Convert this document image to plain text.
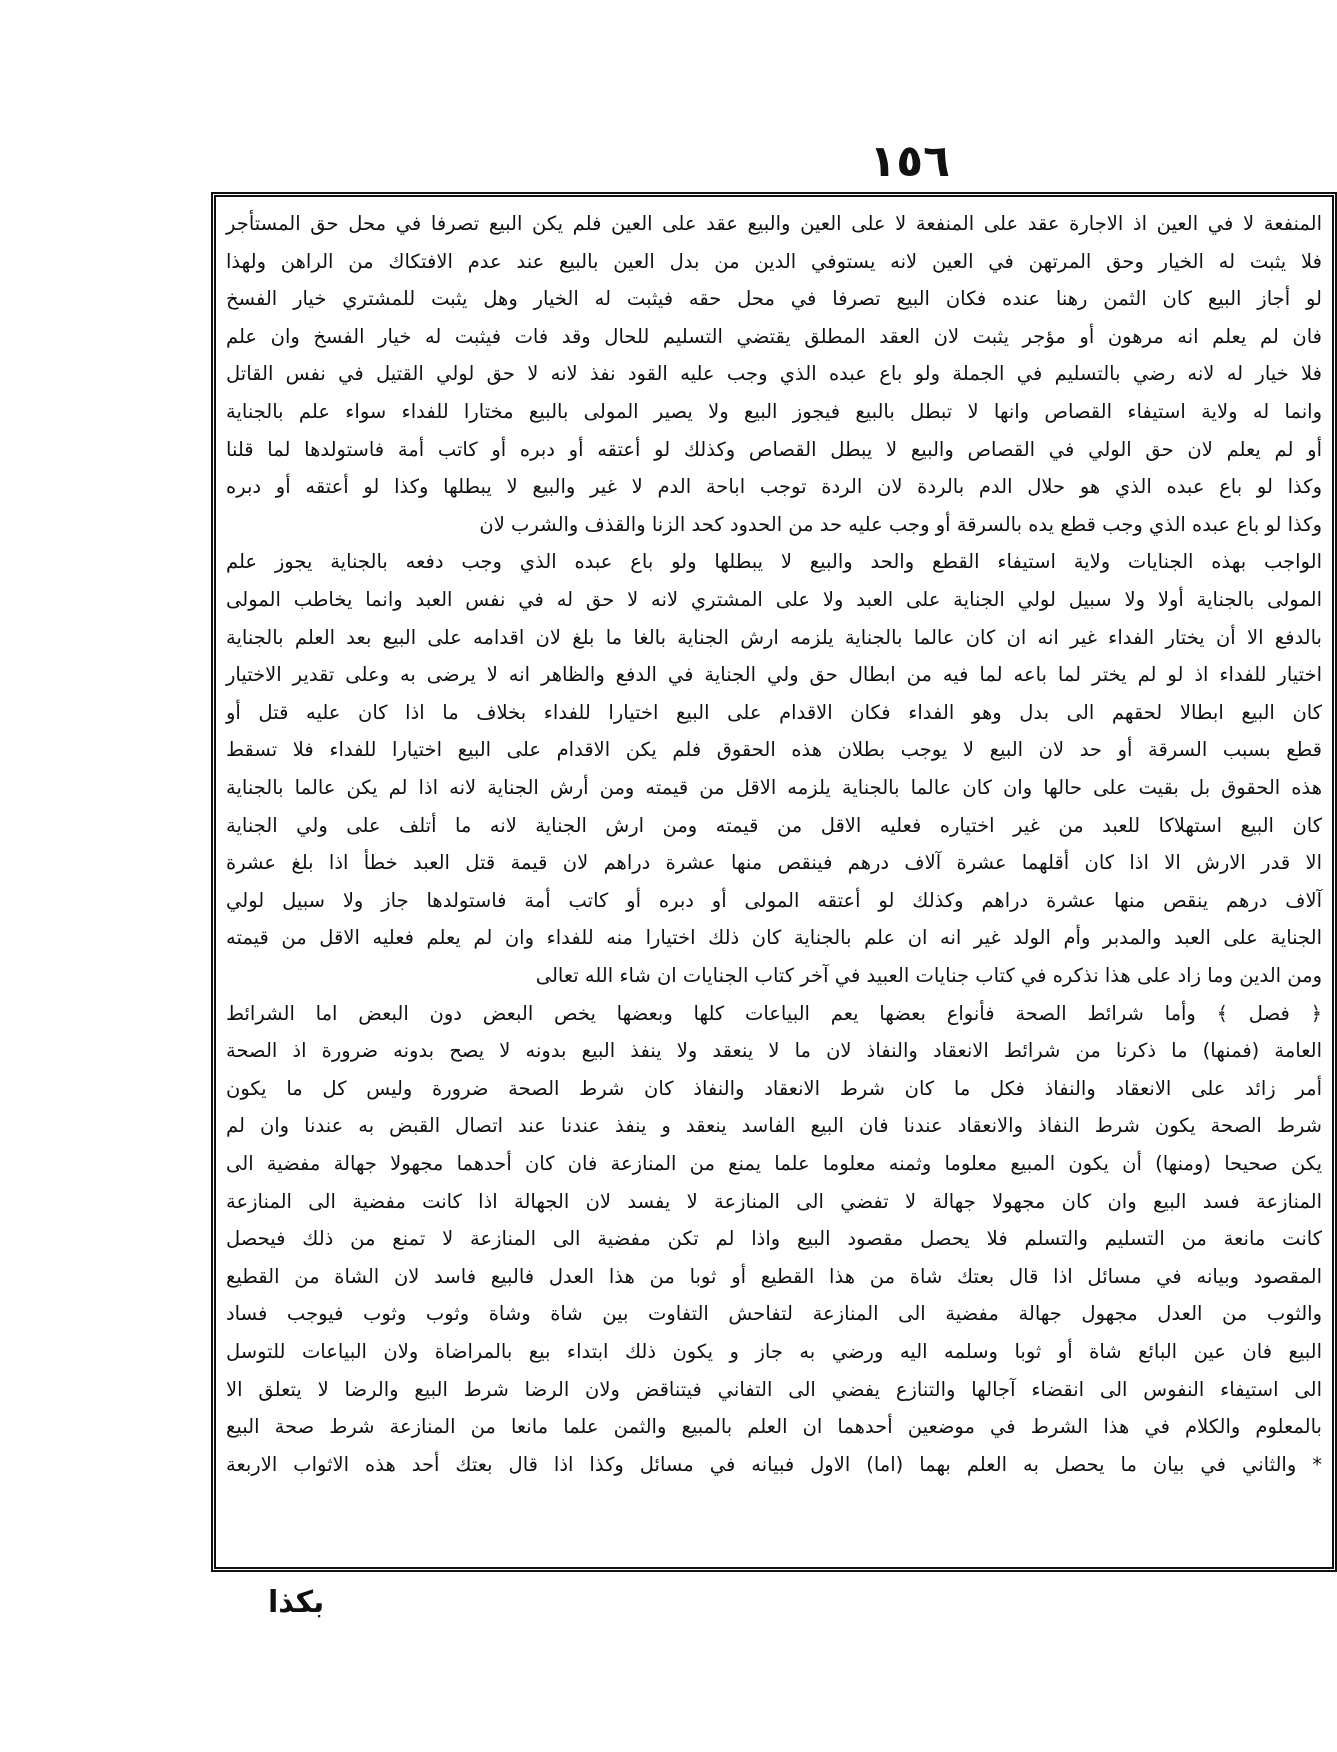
١٥٦
المنفعة لا في العين اذ الاجارة عقد على المنفعة لا على العين والبيع عقد على العين فلم يكن البيع تصرفا في محل حق المستأجر
فلا يثبت له الخيار وحق المرتهن في العين لانه يستوفي الدين من بدل العين بالبيع عند عدم الافتكاك من الراهن ولهذا
لو أجاز البيع كان الثمن رهنا عنده فكان البيع تصرفا في محل حقه فيثبت له الخيار وهل يثبت للمشتري خيار الفسخ
فان لم يعلم انه مرهون أو مؤجر يثبت لان العقد المطلق يقتضي التسليم للحال وقد فات فيثبت له خيار الفسخ وان علم
فلا خيار له لانه رضي بالتسليم في الجملة ولو باع عبده الذي وجب عليه القود نفذ لانه لا حق لولي القتيل في نفس القاتل
وانما له ولاية استيفاء القصاص وانها لا تبطل بالبيع فيجوز البيع ولا يصير المولى بالبيع مختارا للفداء سواء علم بالجناية
أو لم يعلم لان حق الولي في القصاص والبيع لا يبطل القصاص وكذلك لو أعتقه أو دبره أو كاتب أمة فاستولدها لما قلنا
وكذا لو باع عبده الذي هو حلال الدم بالردة لان الردة توجب اباحة الدم لا غير والبيع لا يبطلها وكذا لو أعتقه أو دبره
وكذا لو باع عبده الذي وجب قطع يده بالسرقة أو وجب عليه حد من الحدود كحد الزنا والقذف والشرب لان
الواجب بهذه الجنايات ولاية استيفاء القطع والحد والبيع لا يبطلها ولو باع عبده الذي وجب دفعه بالجناية يجوز علم
المولى بالجناية أولا ولا سبيل لولي الجناية على العبد ولا على المشتري لانه لا حق له في نفس العبد وانما يخاطب المولى
بالدفع الا أن يختار الفداء غير انه ان كان عالما بالجناية يلزمه ارش الجناية بالغا ما بلغ لان اقدامه على البيع بعد العلم بالجناية
اختيار للفداء اذ لو لم يختر لما باعه لما فيه من ابطال حق ولي الجناية في الدفع والظاهر انه لا يرضى به وعلى تقدير الاختيار
كان البيع ابطالا لحقهم الى بدل وهو الفداء فكان الاقدام على البيع اختيارا للفداء بخلاف ما اذا كان عليه قتل أو
قطع بسبب السرقة أو حد لان البيع لا يوجب بطلان هذه الحقوق فلم يكن الاقدام على البيع اختيارا للفداء فلا تسقط
هذه الحقوق بل بقيت على حالها وان كان عالما بالجناية يلزمه الاقل من قيمته ومن أرش الجناية لانه اذا لم يكن عالما بالجناية
كان البيع استهلاكا للعبد من غير اختياره فعليه الاقل من قيمته ومن ارش الجناية لانه ما أتلف على ولي الجناية
الا قدر الارش الا اذا كان أقلهما عشرة آلاف درهم فينقص منها عشرة دراهم لان قيمة قتل العبد خطأ اذا بلغ عشرة
آلاف درهم ينقص منها عشرة دراهم وكذلك لو أعتقه المولى أو دبره أو كاتب أمة فاستولدها جاز ولا سبيل لولي
الجناية على العبد والمدبر وأم الولد غير انه ان علم بالجناية كان ذلك اختيارا منه للفداء وان لم يعلم فعليه الاقل من قيمته
ومن الدين وما زاد على هذا نذكره في كتاب جنايات العبيد في آخر كتاب الجنايات ان شاء الله تعالى
﴿ فصل ﴾ وأما شرائط الصحة فأنواع بعضها يعم البياعات كلها وبعضها يخص البعض دون البعض اما الشرائط
العامة (فمنها) ما ذكرنا من شرائط الانعقاد والنفاذ لان ما لا ينعقد ولا ينفذ البيع بدونه لا يصح بدونه ضرورة اذ الصحة
أمر زائد على الانعقاد والنفاذ فكل ما كان شرط الانعقاد والنفاذ كان شرط الصحة ضرورة وليس كل ما يكون
شرط الصحة يكون شرط النفاذ والانعقاد عندنا فان البيع الفاسد ينعقد و ينفذ عندنا عند اتصال القبض به عندنا وان لم
يكن صحيحا (ومنها) أن يكون المبيع معلوما وثمنه معلوما علما يمنع من المنازعة فان كان أحدهما مجهولا جهالة مفضية الى
المنازعة فسد البيع وان كان مجهولا جهالة لا تفضي الى المنازعة لا يفسد لان الجهالة اذا كانت مفضية الى المنازعة
كانت مانعة من التسليم والتسلم فلا يحصل مقصود البيع واذا لم تكن مفضية الى المنازعة لا تمنع من ذلك فيحصل
المقصود وبيانه في مسائل اذا قال بعتك شاة من هذا القطيع أو ثوبا من هذا العدل فالبيع فاسد لان الشاة من القطيع
والثوب من العدل مجهول جهالة مفضية الى المنازعة لتفاحش التفاوت بين شاة وشاة وثوب وثوب فيوجب فساد
البيع فان عين البائع شاة أو ثوبا وسلمه اليه ورضي به جاز و يكون ذلك ابتداء بيع بالمراضاة ولان البياعات للتوسل
الى استيفاء النفوس الى انقضاء آجالها والتنازع يفضي الى التفاني فيتناقض ولان الرضا شرط البيع والرضا لا يتعلق الا
بالمعلوم والكلام في هذا الشرط في موضعين أحدهما ان العلم بالمبيع والثمن علما مانعا من المنازعة شرط صحة البيع
* والثاني في بيان ما يحصل به العلم بهما (اما) الاول فبيانه في مسائل وكذا اذا قال بعتك أحد هذه الاثواب الاربعة
بكذا
